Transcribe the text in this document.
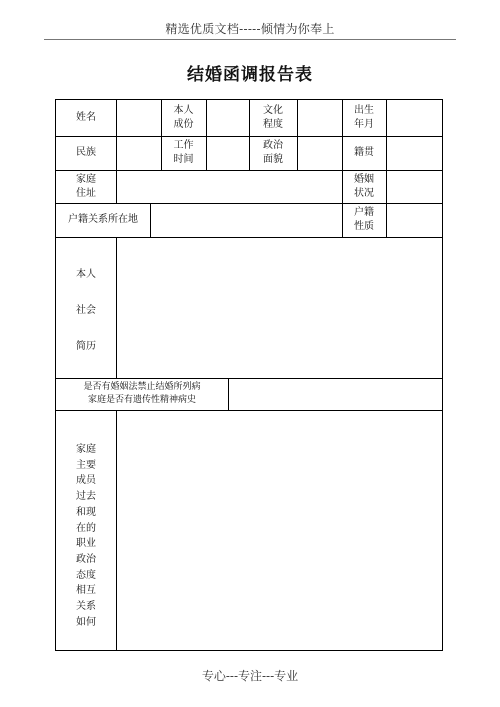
精选优质文档-----倾情为你奉上
结婚函调报告表
姓名
本人
成份
文化
程度
出生
年月
民族
工作
时间
政治
面貌
籍贯
家庭
住址
婚姻
状况
户籍关系所在地
户籍
性质
本人
社会
简历
是否有婚姻法禁止结婚所列病
家庭是否有遗传性精神病史
家庭
主要
成员
过去
和现
在的
职业
政治
态度
相互
关系
如何
专心---专注---专业
